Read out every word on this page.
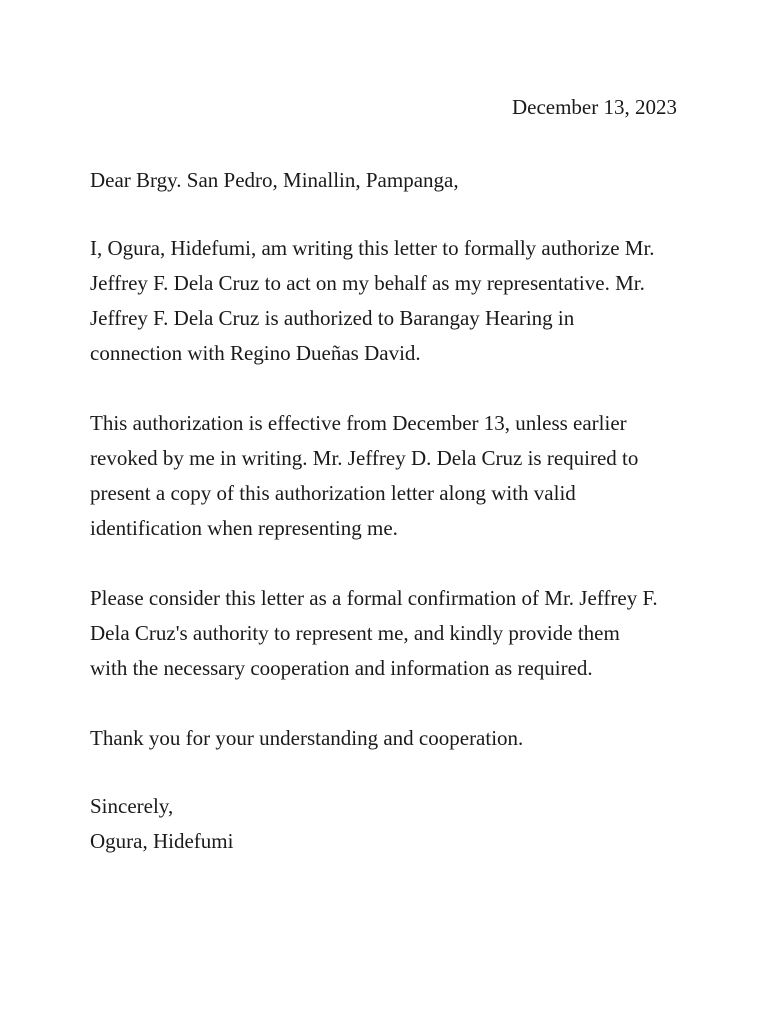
December 13, 2023
Dear Brgy. San Pedro, Minallin, Pampanga,
I, Ogura, Hidefumi, am writing this letter to formally authorize Mr.
Jeffrey F. Dela Cruz to act on my behalf as my representative. Mr.
Jeffrey F. Dela Cruz is authorized to Barangay Hearing in
connection with Regino Dueñas David.
This authorization is effective from December 13, unless earlier
revoked by me in writing. Mr. Jeffrey D. Dela Cruz is required to
present a copy of this authorization letter along with valid
identification when representing me.
Please consider this letter as a formal confirmation of Mr. Jeffrey F.
Dela Cruz's authority to represent me, and kindly provide them
with the necessary cooperation and information as required.
Thank you for your understanding and cooperation.
Sincerely,
Ogura, Hidefumi
